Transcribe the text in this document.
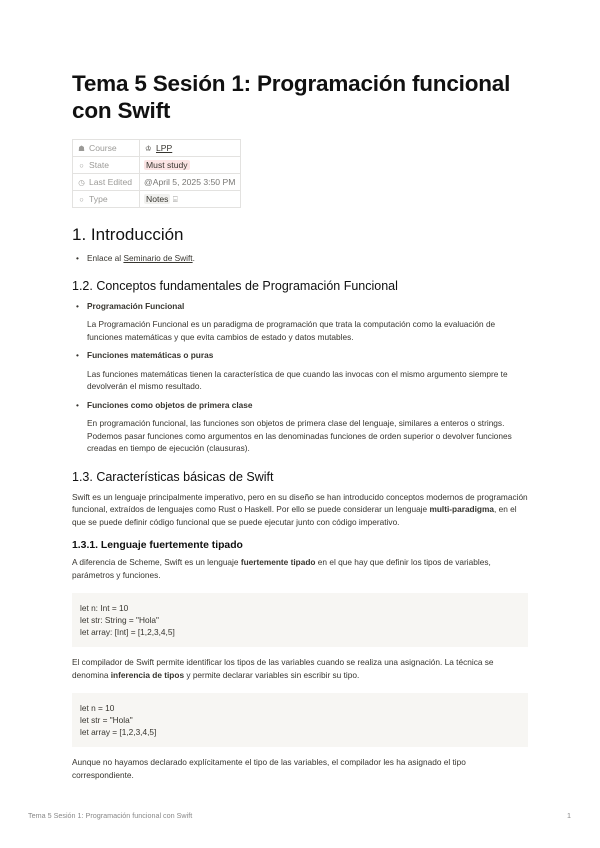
Tema 5 Sesión 1: Programación funcional con Swift
☗ Course	♔ LPP
○ State	Must study
◷ Last Edited	@April 5, 2025 3:50 PM
○ Type	Notes ⌸
1. Introducción
• Enlace al Seminario de Swift.
1.2. Conceptos fundamentales de Programación Funcional
• Programación Funcional
La Programación Funcional es un paradigma de programación que trata la computación como la evaluación de funciones matemáticas y que evita cambios de estado y datos mutables.
• Funciones matemáticas o puras
Las funciones matemáticas tienen la característica de que cuando las invocas con el mismo argumento siempre te devolverán el mismo resultado.
• Funciones como objetos de primera clase
En programación funcional, las funciones son objetos de primera clase del lenguaje, similares a enteros o strings. Podemos pasar funciones como argumentos en las denominadas funciones de orden superior o devolver funciones creadas en tiempo de ejecución (clausuras).
1.3. Características básicas de Swift

Swift es un lenguaje principalmente imperativo, pero en su diseño se han introducido conceptos modernos de programación funcional, extraídos de lenguajes como Rust o Haskell. Por ello se puede considerar un lenguaje multi-paradigma, en el que se puede definir código funcional que se puede ejecutar junto con código imperativo.

1.3.1. Lenguaje fuertemente tipado

A diferencia de Scheme, Swift es un lenguaje fuertemente tipado en el que hay que definir los tipos de variables, parámetros y funciones.

let n: Int = 10
let str: String = "Hola"
let array: [Int] = [1,2,3,4,5]

El compilador de Swift permite identificar los tipos de las variables cuando se realiza una asignación. La técnica se denomina inferencia de tipos y permite declarar variables sin escribir su tipo.

let n = 10
let str = "Hola"
let array = [1,2,3,4,5]

Aunque no hayamos declarado explícitamente el tipo de las variables, el compilador les ha asignado el tipo correspondiente.

Tema 5 Sesión 1: Programación funcional con Swift	1
